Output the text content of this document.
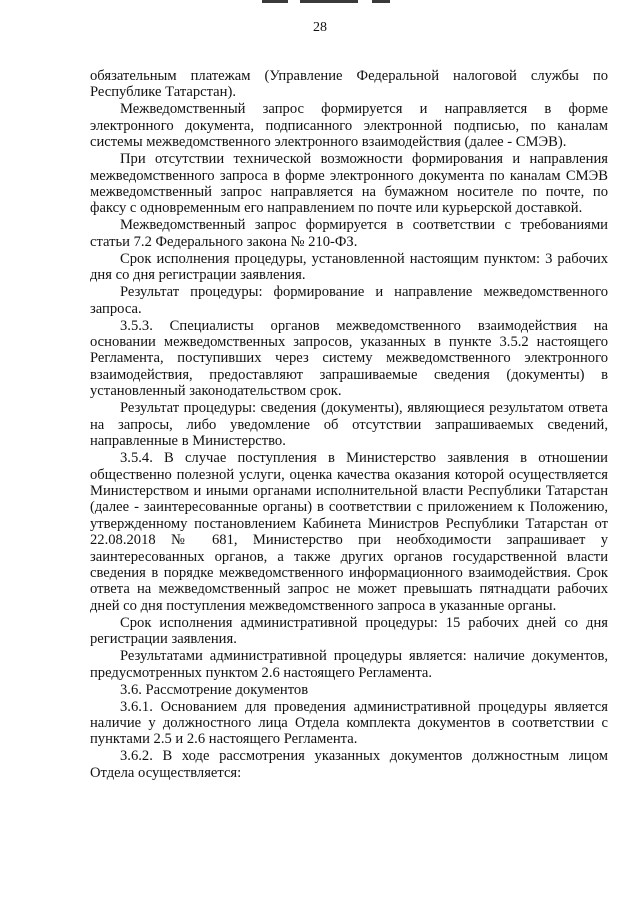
28

обязательным платежам (Управление Федеральной налоговой службы по Республике Татарстан).

Межведомственный запрос формируется и направляется в форме электронного документа, подписанного электронной подписью, по каналам системы межведомственного электронного взаимодействия (далее - СМЭВ).

При отсутствии технической возможности формирования и направления межведомственного запроса в форме электронного документа по каналам СМЭВ межведомственный запрос направляется на бумажном носителе по почте, по факсу с одновременным его направлением по почте или курьерской доставкой.

Межведомственный запрос формируется в соответствии с требованиями статьи 7.2 Федерального закона № 210-ФЗ.

Срок исполнения процедуры, установленной настоящим пунктом: 3 рабочих дня со дня регистрации заявления.

Результат процедуры: формирование и направление межведомственного запроса.

3.5.3. Специалисты органов межведомственного взаимодействия на основании межведомственных запросов, указанных в пункте 3.5.2 настоящего Регламента, поступивших через систему межведомственного электронного взаимодействия, предоставляют запрашиваемые сведения (документы) в установленный законодательством срок.

Результат процедуры: сведения (документы), являющиеся результатом ответа на запросы, либо уведомление об отсутствии запрашиваемых сведений, направленные в Министерство.

3.5.4. В случае поступления в Министерство заявления в отношении общественно полезной услуги, оценка качества оказания которой осуществляется Министерством и иными органами исполнительной власти Республики Татарстан (далее - заинтересованные органы) в соответствии с приложением к Положению, утвержденному постановлением Кабинета Министров Республики Татарстан от 22.08.2018 № 681, Министерство при необходимости запрашивает у заинтересованных органов, а также других органов государственной власти сведения в порядке межведомственного информационного взаимодействия. Срок ответа на межведомственный запрос не может превышать пятнадцати рабочих дней со дня поступления межведомственного запроса в указанные органы.

Срок исполнения административной процедуры: 15 рабочих дней со дня регистрации заявления.

Результатами административной процедуры является: наличие документов, предусмотренных пунктом 2.6 настоящего Регламента.

3.6. Рассмотрение документов

3.6.1. Основанием для проведения административной процедуры является наличие у должностного лица Отдела комплекта документов в соответствии с пунктами 2.5 и 2.6 настоящего Регламента.

3.6.2. В ходе рассмотрения указанных документов должностным лицом Отдела осуществляется:
